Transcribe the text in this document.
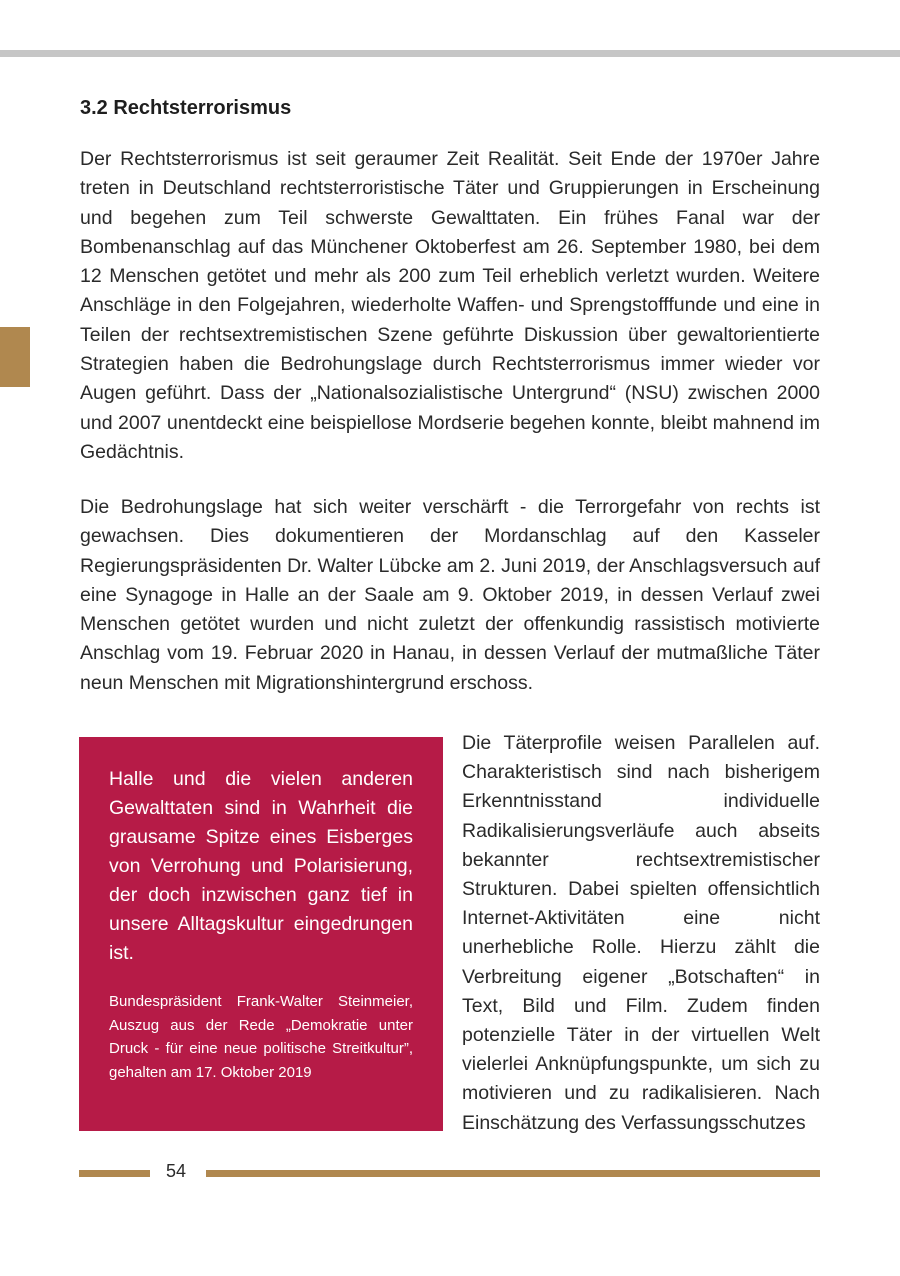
3.2 Rechtsterrorismus

Der Rechtsterrorismus ist seit geraumer Zeit Realität. Seit Ende der 1970er Jahre treten in Deutschland rechtsterroristische Täter und Gruppierungen in Erscheinung und begehen zum Teil schwerste Gewalttaten. Ein frühes Fanal war der Bombenanschlag auf das Münchener Oktoberfest am 26. September 1980, bei dem 12 Menschen getötet und mehr als 200 zum Teil erheblich verletzt wurden. Weitere Anschläge in den Folgejahren, wiederholte Waffen- und Sprengstofffunde und eine in Teilen der rechtsextremistischen Szene geführte Diskussion über gewaltorientierte Strategien haben die Bedrohungslage durch Rechtsterrorismus immer wieder vor Augen geführt. Dass der „Nationalsozialistische Untergrund“ (NSU) zwischen 2000 und 2007 unentdeckt eine beispiellose Mordserie begehen konnte, bleibt mahnend im Gedächtnis.

Die Bedrohungslage hat sich weiter verschärft - die Terrorgefahr von rechts ist gewachsen. Dies dokumentieren der Mordanschlag auf den Kasseler Regierungspräsidenten Dr. Walter Lübcke am 2. Juni 2019, der Anschlagsversuch auf eine Synagoge in Halle an der Saale am 9. Oktober 2019, in dessen Verlauf zwei Menschen getötet wurden und nicht zuletzt der offenkundig rassistisch motivierte Anschlag vom 19. Februar 2020 in Hanau, in dessen Verlauf der mutmaßliche Täter neun Menschen mit Migrationshintergrund erschoss.

Halle und die vielen anderen Gewalttaten sind in Wahrheit die grausame Spitze eines Eisberges von Verrohung und Polarisierung, der doch inzwischen ganz tief in unsere Alltagskultur eingedrungen ist.

Bundespräsident Frank-Walter Steinmeier, Auszug aus der Rede „Demokratie unter Druck - für eine neue politische Streitkultur”, gehalten am 17. Oktober 2019

Die Täterprofile weisen Parallelen auf. Charakteristisch sind nach bisherigem Erkenntnisstand individuelle Radikalisierungsverläufe auch abseits bekannter rechtsextremistischer Strukturen. Dabei spielten offensichtlich Internet-Aktivitäten eine nicht unerhebliche Rolle. Hierzu zählt die Verbreitung eigener „Botschaften“ in Text, Bild und Film. Zudem finden potenzielle Täter in der virtuellen Welt vielerlei Anknüpfungspunkte, um sich zu motivieren und zu radikalisieren. Nach Einschätzung des Verfassungsschutzes

54
